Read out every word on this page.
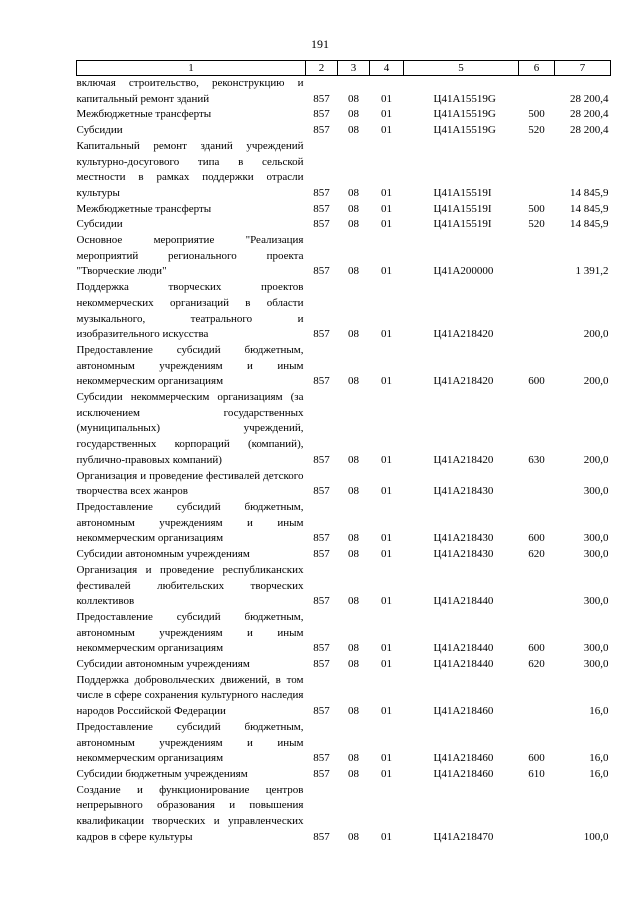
191
1	2	3	4	5	6	7
включая строительство, реконструкцию и капитальный ремонт зданий	857	08	01	Ц41А15519G		28 200,4
Межбюджетные трансферты	857	08	01	Ц41А15519G	500	28 200,4
Субсидии	857	08	01	Ц41А15519G	520	28 200,4
Капитальный ремонт зданий учреждений культурно-досугового типа в сельской местности в рамках поддержки отрасли культуры	857	08	01	Ц41А15519I		14 845,9
Межбюджетные трансферты	857	08	01	Ц41А15519I	500	14 845,9
Субсидии	857	08	01	Ц41А15519I	520	14 845,9
Основное мероприятие "Реализация мероприятий регионального проекта "Творческие люди"	857	08	01	Ц41А200000		1 391,2
Поддержка творческих проектов некоммерческих организаций в области музыкального, театрального и изобразительного искусства	857	08	01	Ц41А218420		200,0
Предоставление субсидий бюджетным, автономным учреждениям и иным некоммерческим организациям	857	08	01	Ц41А218420	600	200,0
Субсидии некоммерческим организациям (за исключением государственных (муниципальных) учреждений, государственных корпораций (компаний), публично-правовых компаний)	857	08	01	Ц41А218420	630	200,0
Организация и проведение фестивалей детского творчества всех жанров	857	08	01	Ц41А218430		300,0
Предоставление субсидий бюджетным, автономным учреждениям и иным некоммерческим организациям	857	08	01	Ц41А218430	600	300,0
Субсидии автономным учреждениям	857	08	01	Ц41А218430	620	300,0
Организация и проведение республиканских фестивалей любительских творческих коллективов	857	08	01	Ц41А218440		300,0
Предоставление субсидий бюджетным, автономным учреждениям и иным некоммерческим организациям	857	08	01	Ц41А218440	600	300,0
Субсидии автономным учреждениям	857	08	01	Ц41А218440	620	300,0
Поддержка добровольческих движений, в том числе в сфере сохранения культурного наследия народов Российской Федерации	857	08	01	Ц41А218460		16,0
Предоставление субсидий бюджетным, автономным учреждениям и иным некоммерческим организациям	857	08	01	Ц41А218460	600	16,0
Субсидии бюджетным учреждениям	857	08	01	Ц41А218460	610	16,0
Создание и функционирование центров непрерывного образования и повышения квалификации творческих и управленческих кадров в сфере культуры	857	08	01	Ц41А218470		100,0
